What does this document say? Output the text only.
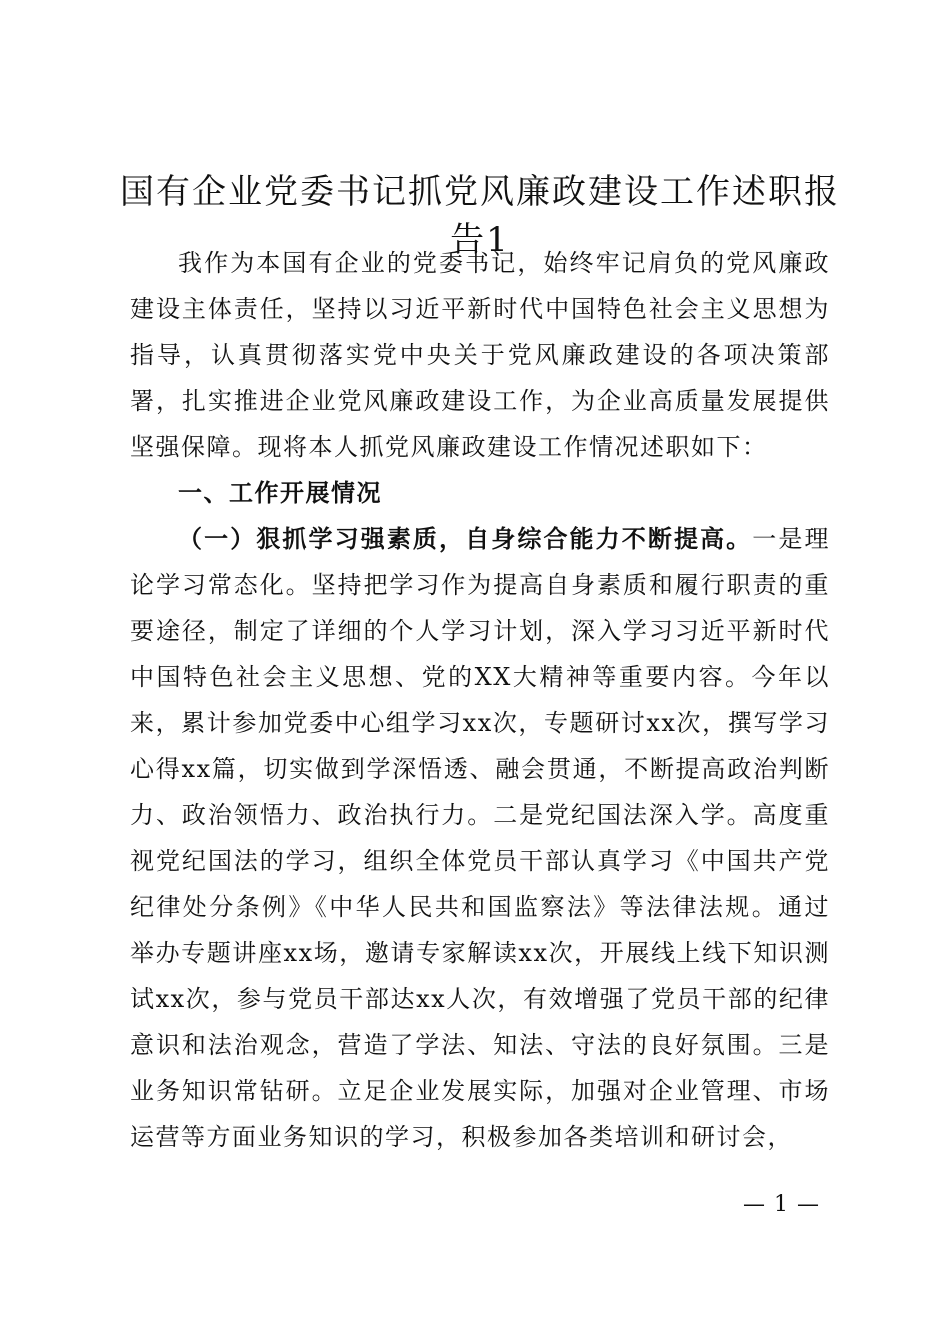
国有企业党委书记抓党风廉政建设工作述职报告1

我作为本国有企业的党委书记，始终牢记肩负的党风廉政建设主体责任，坚持以习近平新时代中国特色社会主义思想为指导，认真贯彻落实党中央关于党风廉政建设的各项决策部署，扎实推进企业党风廉政建设工作，为企业高质量发展提供坚强保障。现将本人抓党风廉政建设工作情况述职如下：

一、工作开展情况

（一）狠抓学习强素质，自身综合能力不断提高。一是理论学习常态化。坚持把学习作为提高自身素质和履行职责的重要途径，制定了详细的个人学习计划，深入学习习近平新时代中国特色社会主义思想、党的XX大精神等重要内容。今年以来，累计参加党委中心组学习xx次，专题研讨xx次，撰写学习心得xx篇，切实做到学深悟透、融会贯通，不断提高政治判断力、政治领悟力、政治执行力。二是党纪国法深入学。高度重视党纪国法的学习，组织全体党员干部认真学习《中国共产党纪律处分条例》《中华人民共和国监察法》等法律法规。通过举办专题讲座xx场，邀请专家解读xx次，开展线上线下知识测试xx次，参与党员干部达xx人次，有效增强了党员干部的纪律意识和法治观念，营造了学法、知法、守法的良好氛围。三是业务知识常钻研。立足企业发展实际，加强对企业管理、市场运营等方面业务知识的学习，积极参加各类培训和研讨会，

— 1 —
